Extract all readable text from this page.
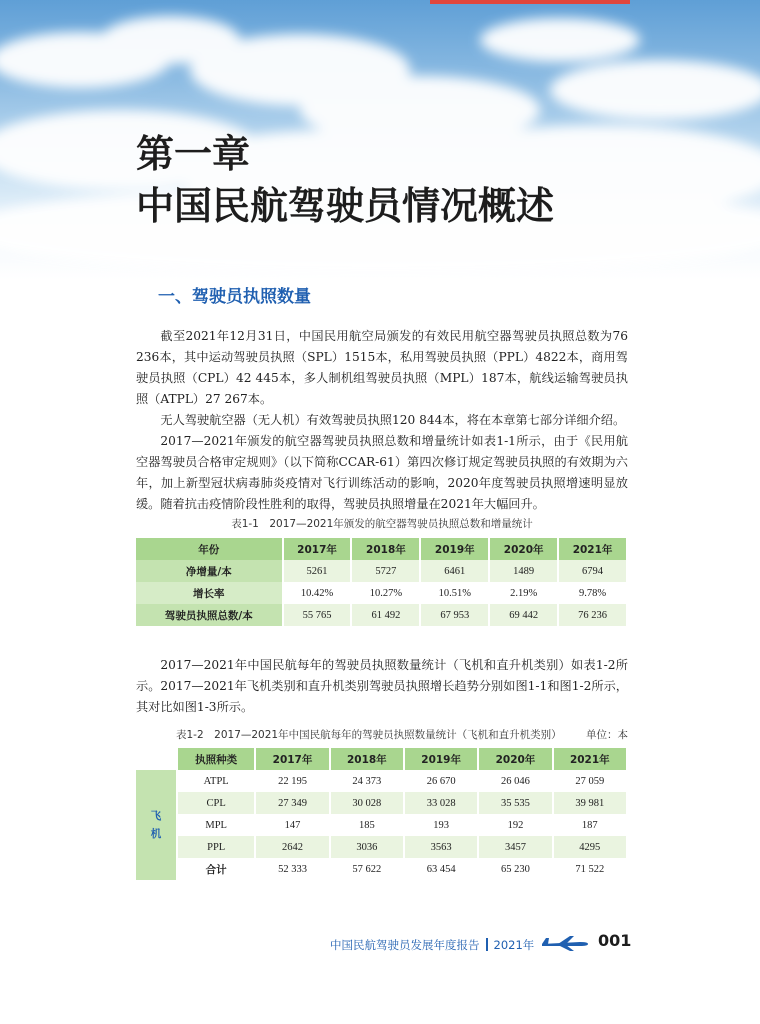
第一章
中国民航驾驶员情况概述
一、驾驶员执照数量

截至2021年12月31日，中国民用航空局颁发的有效民用航空器驾驶员执照总数为76 236本，其中运动驾驶员执照（SPL）1515本，私用驾驶员执照（PPL）4822本，商用驾驶员执照（CPL）42 445本，多人制机组驾驶员执照（MPL）187本，航线运输驾驶员执照（ATPL）27 267本。

无人驾驶航空器（无人机）有效驾驶员执照120 844本，将在本章第七部分详细介绍。

2017—2021年颁发的航空器驾驶员执照总数和增量统计如表1-1所示，由于《民用航空器驾驶员合格审定规则》（以下简称CCAR-61）第四次修订规定驾驶员执照的有效期为六年，加上新型冠状病毒肺炎疫情对飞行训练活动的影响，2020年度驾驶员执照增速明显放缓。随着抗击疫情阶段性胜利的取得，驾驶员执照增量在2021年大幅回升。

表1-1　2017—2021年颁发的航空器驾驶员执照总数和增量统计
年份	2017年	2018年	2019年	2020年	2021年
净增量/本	5261	5727	6461	1489	6794
增长率	10.42%	10.27%	10.51%	2.19%	9.78%
驾驶员执照总数/本	55 765	61 492	67 953	69 442	76 236

2017—2021年中国民航每年的驾驶员执照数量统计（飞机和直升机类别）如表1-2所示。2017—2021年飞机类别和直升机类别驾驶员执照增长趋势分别如图1-1和图1-2所示，其对比如图1-3所示。

表1-2　2017—2021年中国民航每年的驾驶员执照数量统计（飞机和直升机类别） 单位：本
	执照种类	2017年	2018年	2019年	2020年	2021年
飞
机	ATPL	22 195	24 373	26 670	26 046	27 059
	CPL	27 349	30 028	33 028	35 535	39 981
	MPL	147	185	193	192	187
	PPL	2642	3036	3563	3457	4295
	合计	52 333	57 622	63 454	65 230	71 522
中国民航驾驶员发展年度报告 2021年	001
